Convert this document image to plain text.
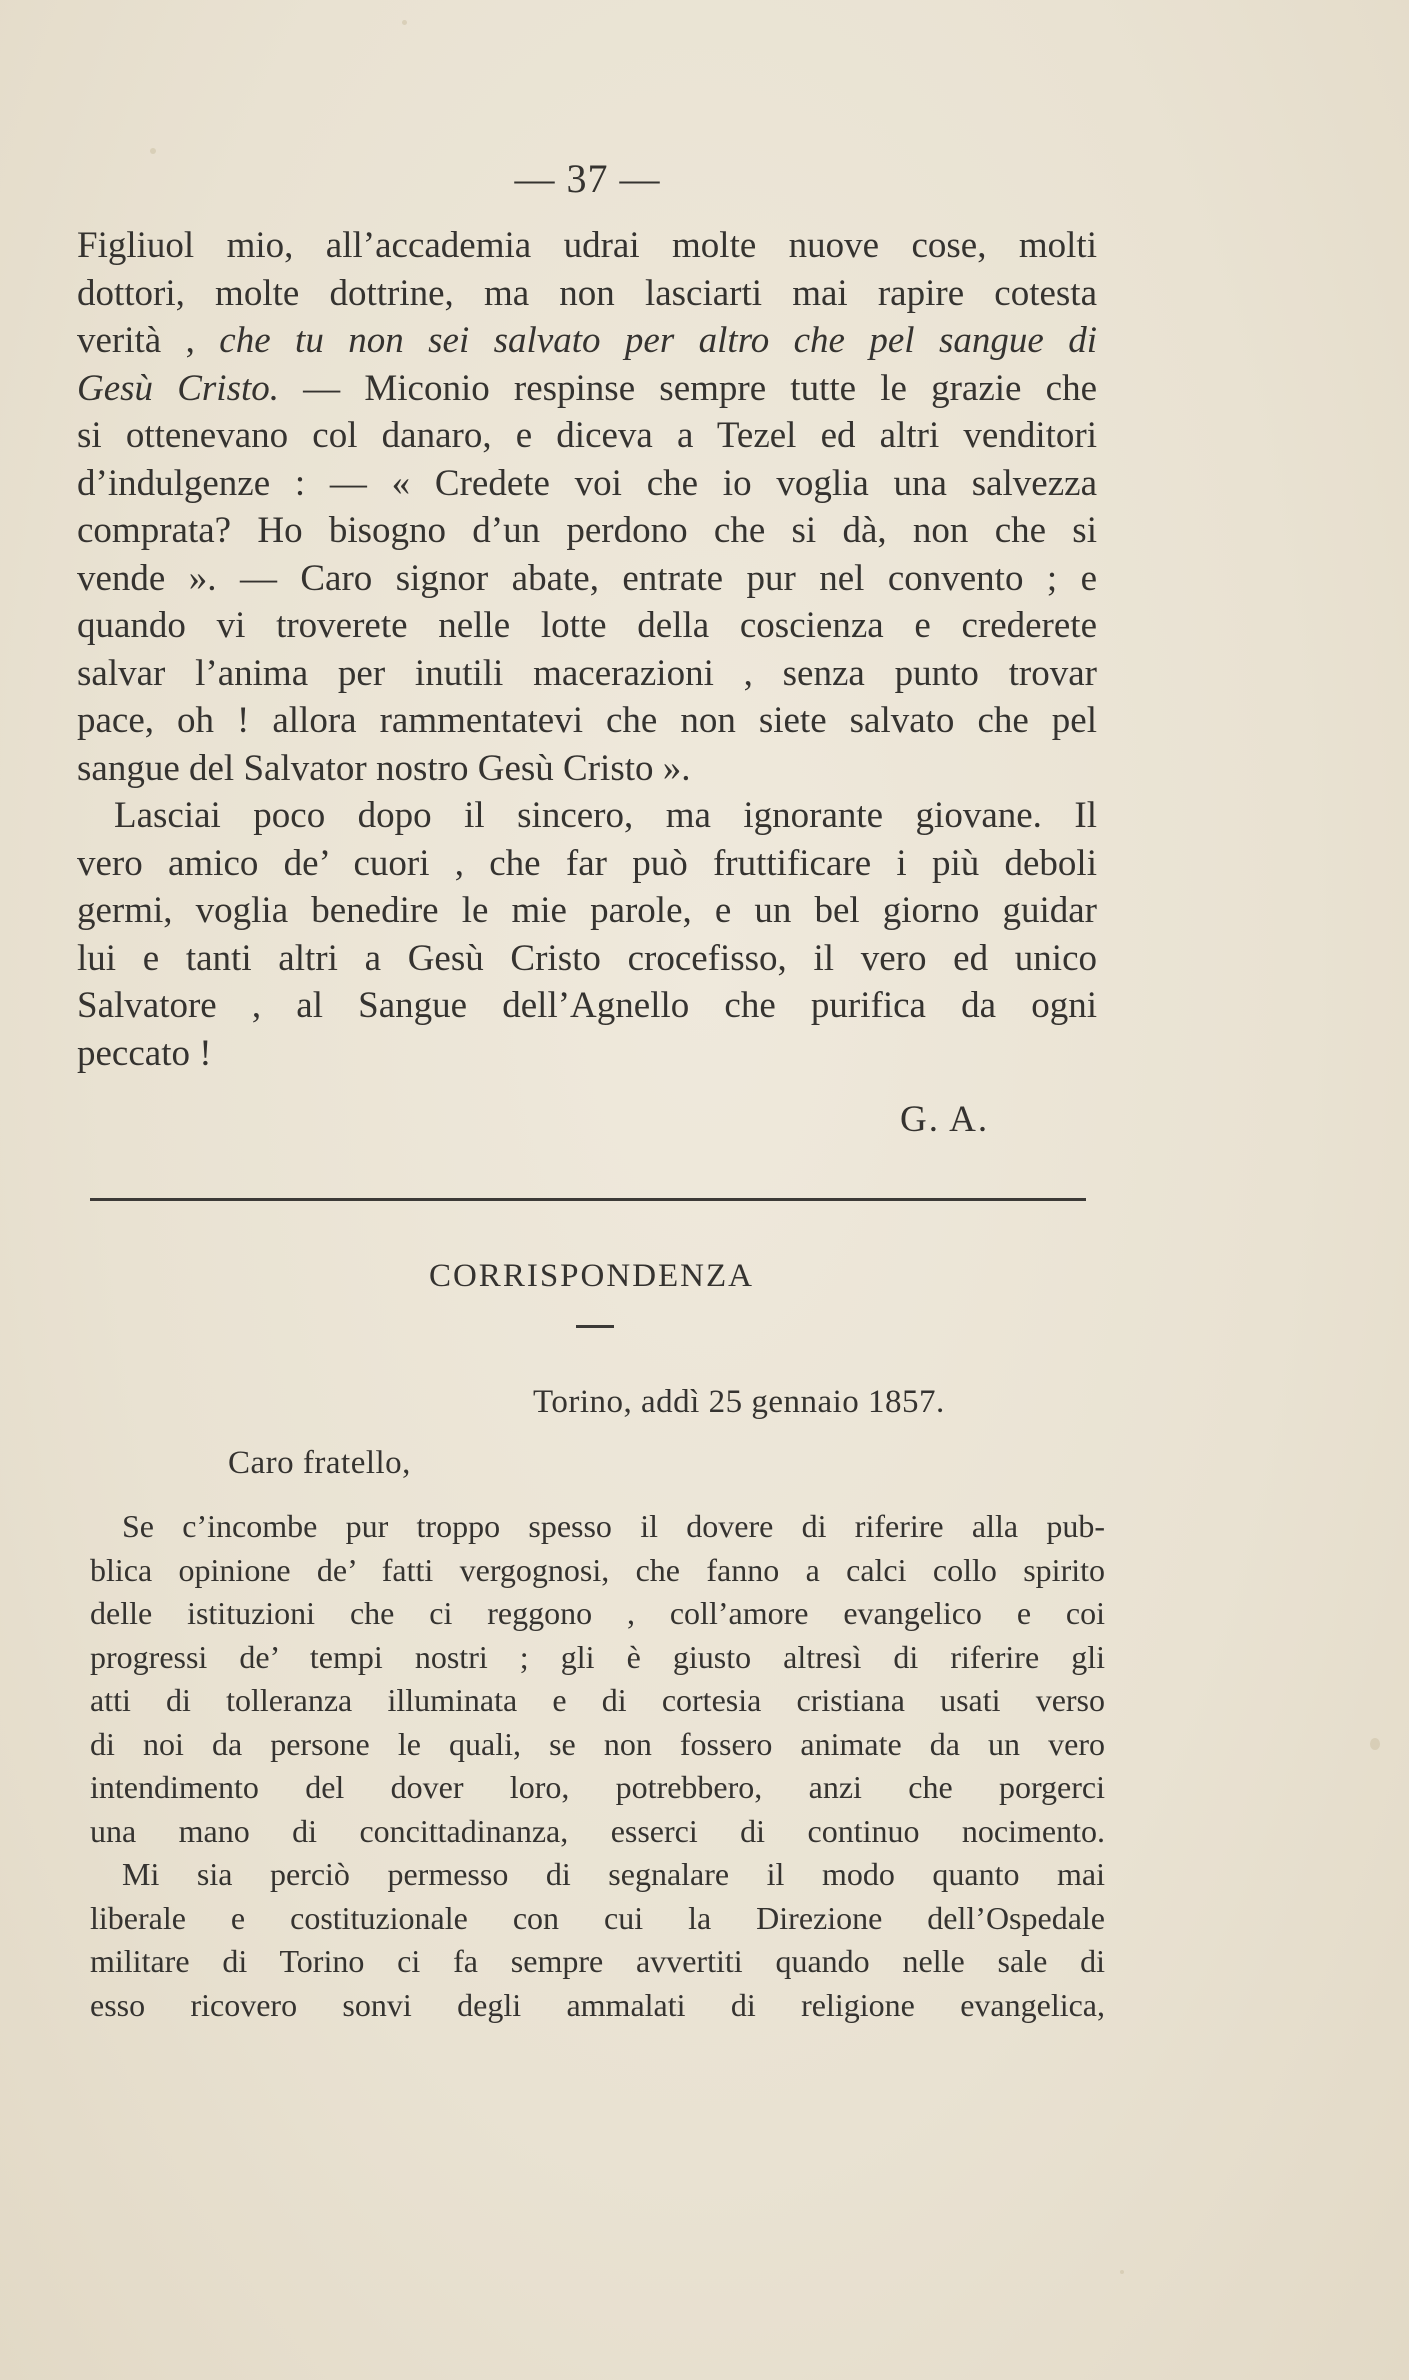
— 37 —
Figliuol mio, all’accademia udrai molte nuove cose, molti
dottori, molte dottrine, ma non lasciarti mai rapire cotesta
verità , che tu non sei salvato per altro che pel sangue di
Gesù Cristo. — Miconio respinse sempre tutte le grazie che
si ottenevano col danaro, e diceva a Tezel ed altri venditori
d’indulgenze : — « Credete voi che io voglia una salvezza
comprata? Ho bisogno d’un perdono che si dà, non che si
vende ». — Caro signor abate, entrate pur nel convento ; e
quando vi troverete nelle lotte della coscienza e crederete
salvar l’anima per inutili macerazioni , senza punto trovar
pace, oh ! allora rammentatevi che non siete salvato che pel
sangue del Salvator nostro Gesù Cristo ».
 Lasciai poco dopo il sincero, ma ignorante giovane. Il
vero amico de’ cuori , che far può fruttificare i più deboli
germi, voglia benedire le mie parole, e un bel giorno guidar
lui e tanti altri a Gesù Cristo crocefisso, il vero ed unico
Salvatore , al Sangue dell’Agnello che purifica da ogni
peccato !
G. A.
CORRISPONDENZA
Torino, addì 25 gennaio 1857.
Caro fratello,
 Se c’incombe pur troppo spesso il dovere di riferire alla pub-
blica opinione de’ fatti vergognosi, che fanno a calci collo spirito
delle istituzioni che ci reggono , coll’amore evangelico e coi
progressi de’ tempi nostri ; gli è giusto altresì di riferire gli
atti di tolleranza illuminata e di cortesia cristiana usati verso
di noi da persone le quali, se non fossero animate da un vero
intendimento del dover loro, potrebbero, anzi che porgerci
una mano di concittadinanza, esserci di continuo nocimento.
 Mi sia perciò permesso di segnalare il modo quanto mai
liberale e costituzionale con cui la Direzione dell’Ospedale
militare di Torino ci fa sempre avvertiti quando nelle sale di
esso ricovero sonvi degli ammalati di religione evangelica,
